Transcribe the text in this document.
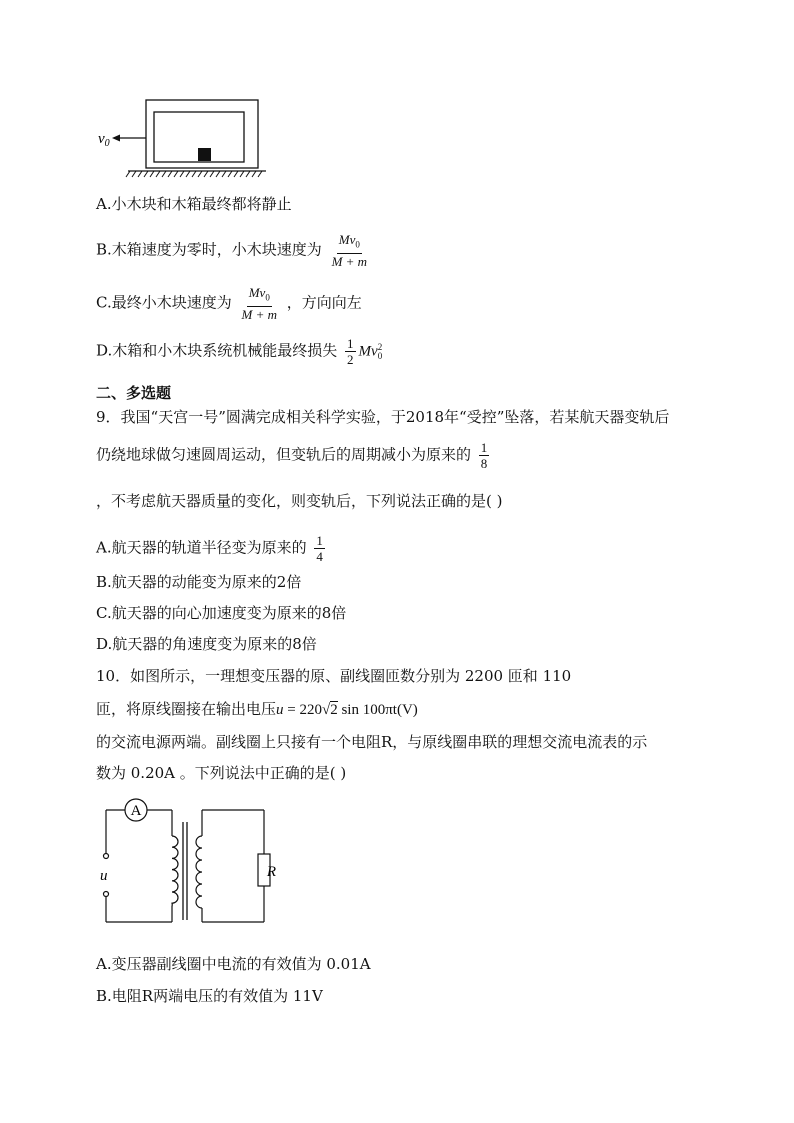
$v_0$
A.小木块和木箱最终都将静止
B.木箱速度为零时，小木块速度为 $\frac{Mv_0}{M + m}$
C.最终小木块速度为 $\frac{Mv_0}{M + m}$ ，方向向左
D.木箱和小木块系统机械能最终损失 $\frac{1}{2}$ Mv 2
0
二、多选题
9．我国“天宫一号”圆满完成相关科学实验，于2018年“受控”坠落，若某航天器变轨后
仍绕地球做匀速圆周运动，但变轨后的周期减小为原来的 $\frac{1}{8}$
，不考虑航天器质量的变化，则变轨后，下列说法正确的是( )
A.航天器的轨道半径变为原来的 $\frac{1}{4}$
B.航天器的动能变为原来的2倍
C.航天器的向心加速度变为原来的8倍
D.航天器的角速度变为原来的8倍
10．如图所示，一理想变压器的原、副线圈匝数分别为 2200 匝和 110
匝，将原线圈接在输出电压u = 220√2 sin 100πt(V)
的交流电源两端。副线圈上只接有一个电阻R，与原线圈串联的理想交流电流表的示
数为 0.20A 。下列说法中正确的是( )
A
u	R
A.变压器副线圈中电流的有效值为 0.01A
B.电阻R两端电压的有效值为 11V
